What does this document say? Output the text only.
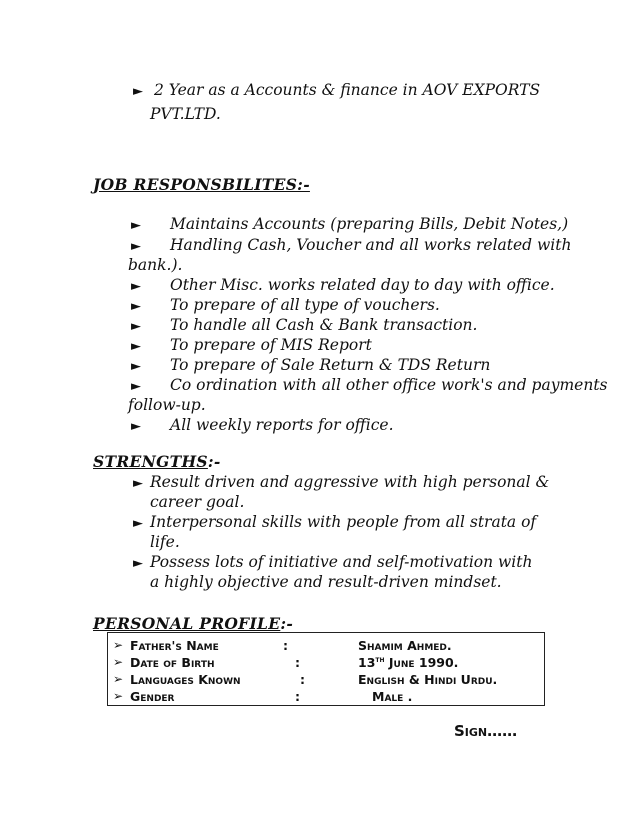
► 2 Year as a Accounts & finance in AOV EXPORTS
PVT.LTD.
JOB RESPONSBILITES:-
► Maintains Accounts (preparing Bills, Debit Notes,)
► Handling Cash, Voucher and all works related with
bank.).
► Other Misc. works related day to day with office.
► To prepare of all type of vouchers.
► To handle all Cash & Bank transaction.
► To prepare of MIS Report
► To prepare of Sale Return & TDS Return
► Co ordination with all other office work's and payments
follow-up.
► All weekly reports for office.
STRENGTHS:-
► Result driven and aggressive with high personal &
career goal.
► Interpersonal skills with people from all strata of
life.
► Possess lots of initiative and self-motivation with
a highly objective and result-driven mindset.
PERSONAL PROFILE:-
➢ Father's Name	:	Shamim Ahmed.
➢ Date of Birth	:	13th June 1990.
➢ Languages Known	:	English & Hindi Urdu.
➢ Gender	:	Male .
Sign……
